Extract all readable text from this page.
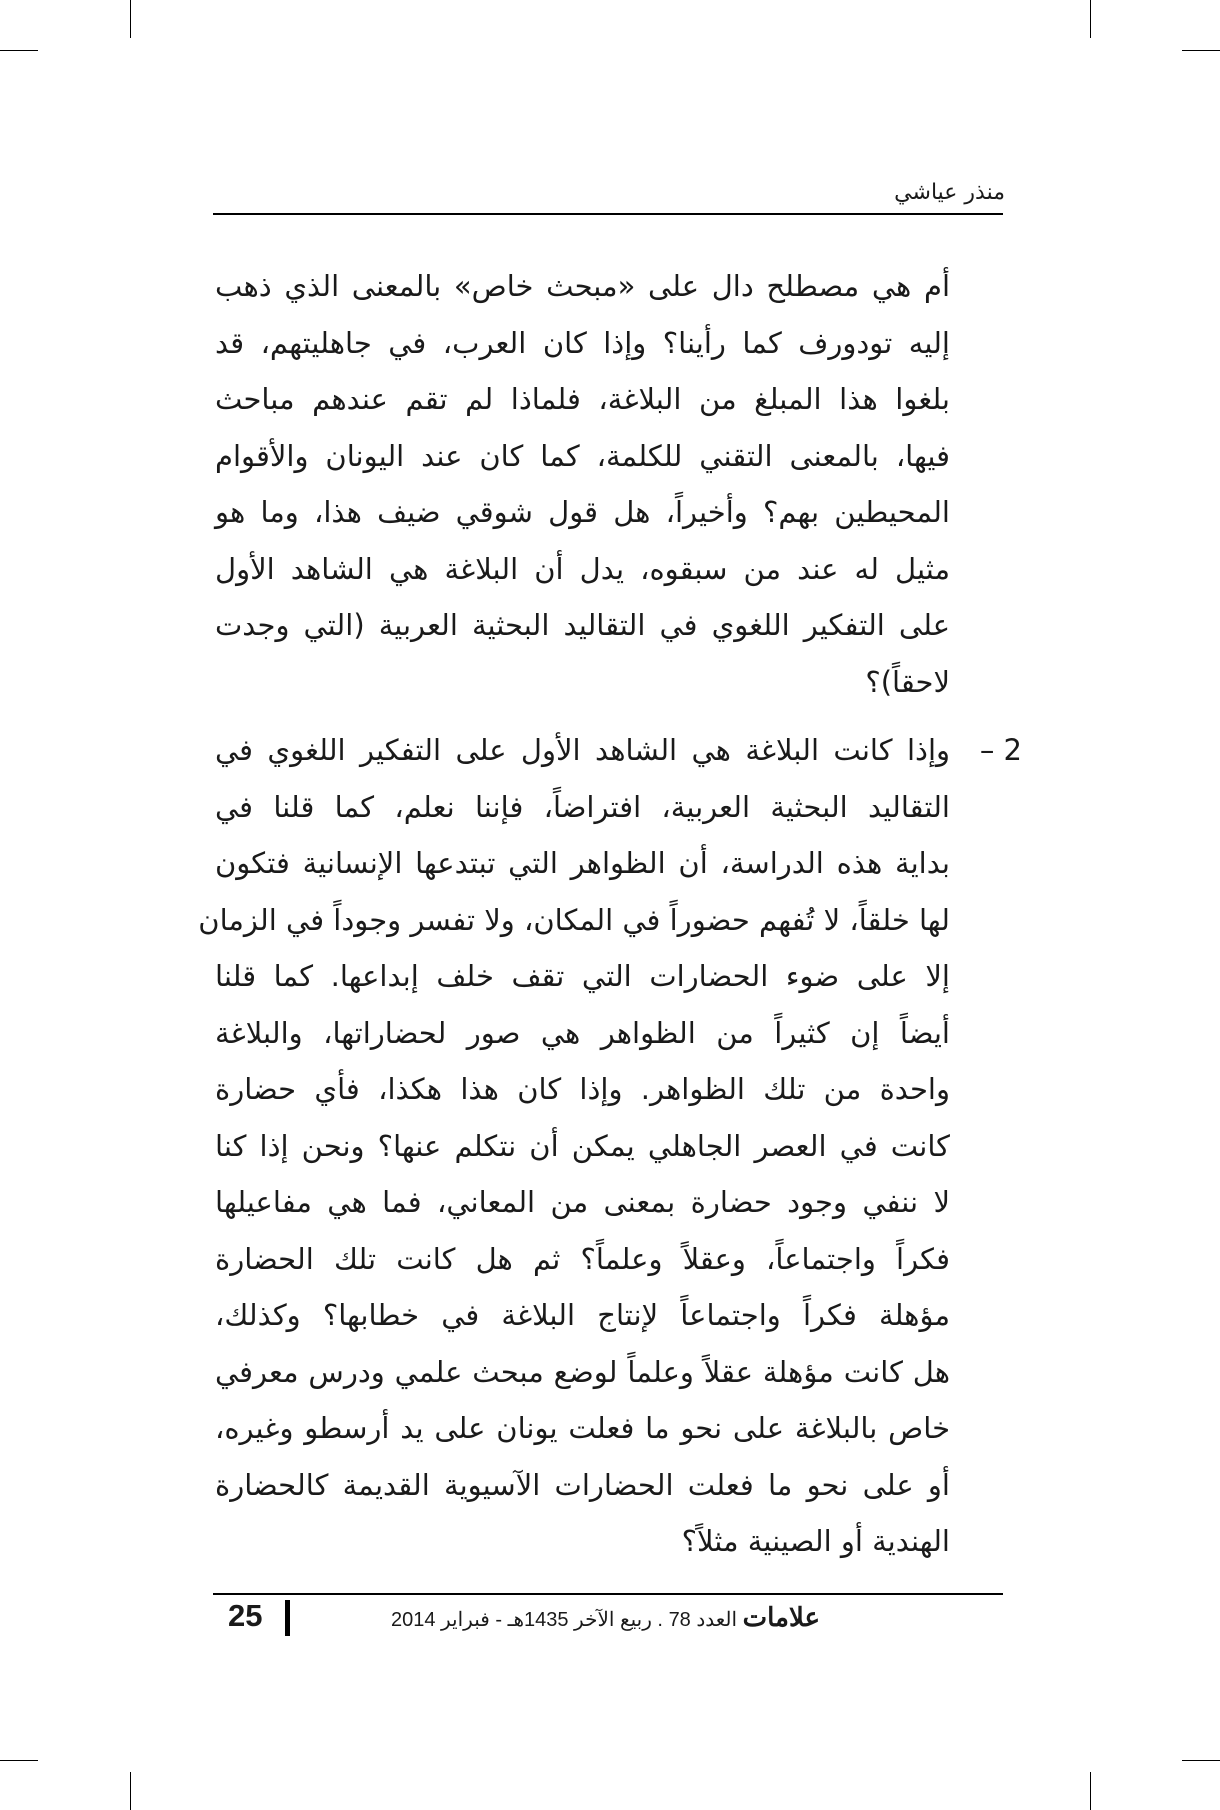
منذر عياشي
أم هي مصطلح دال على «مبحث خاص» بالمعنى الذي ذهب
إليه تودورف كما رأينا؟ وإذا كان العرب، في جاهليتهم، قد
بلغوا هذا المبلغ من البلاغة، فلماذا لم تقم عندهم مباحث
فيها، بالمعنى التقني للكلمة، كما كان عند اليونان والأقوام
المحيطين بهم؟ وأخيراً، هل قول شوقي ضيف هذا، وما هو
مثيل له عند من سبقوه، يدل أن البلاغة هي الشاهد الأول
على التفكير اللغوي في التقاليد البحثية العربية (التي وجدت
لاحقاً)؟
2 –
وإذا كانت البلاغة هي الشاهد الأول على التفكير اللغوي في
التقاليد البحثية العربية، افتراضاً، فإننا نعلم، كما قلنا في
بداية هذه الدراسة، أن الظواهر التي تبتدعها الإنسانية فتكون
لها خلقاً، لا تُفهم حضوراً في المكان، ولا تفسر وجوداً في الزمان
إلا على ضوء الحضارات التي تقف خلف إبداعها. كما قلنا
أيضاً إن كثيراً من الظواهر هي صور لحضاراتها، والبلاغة
واحدة من تلك الظواهر. وإذا كان هذا هكذا، فأي حضارة
كانت في العصر الجاهلي يمكن أن نتكلم عنها؟ ونحن إذا كنا
لا ننفي وجود حضارة بمعنى من المعاني، فما هي مفاعيلها
فكراً واجتماعاً، وعقلاً وعلماً؟ ثم هل كانت تلك الحضارة
مؤهلة فكراً واجتماعاً لإنتاج البلاغة في خطابها؟ وكذلك،
هل كانت مؤهلة عقلاً وعلماً لوضع مبحث علمي ودرس معرفي
خاص بالبلاغة على نحو ما فعلت يونان على يد أرسطو وغيره،
أو على نحو ما فعلت الحضارات الآسيوية القديمة كالحضارة
الهندية أو الصينية مثلاً؟
25	علامات العدد 78 . ربيع الآخر 1435هـ - فبراير 2014
